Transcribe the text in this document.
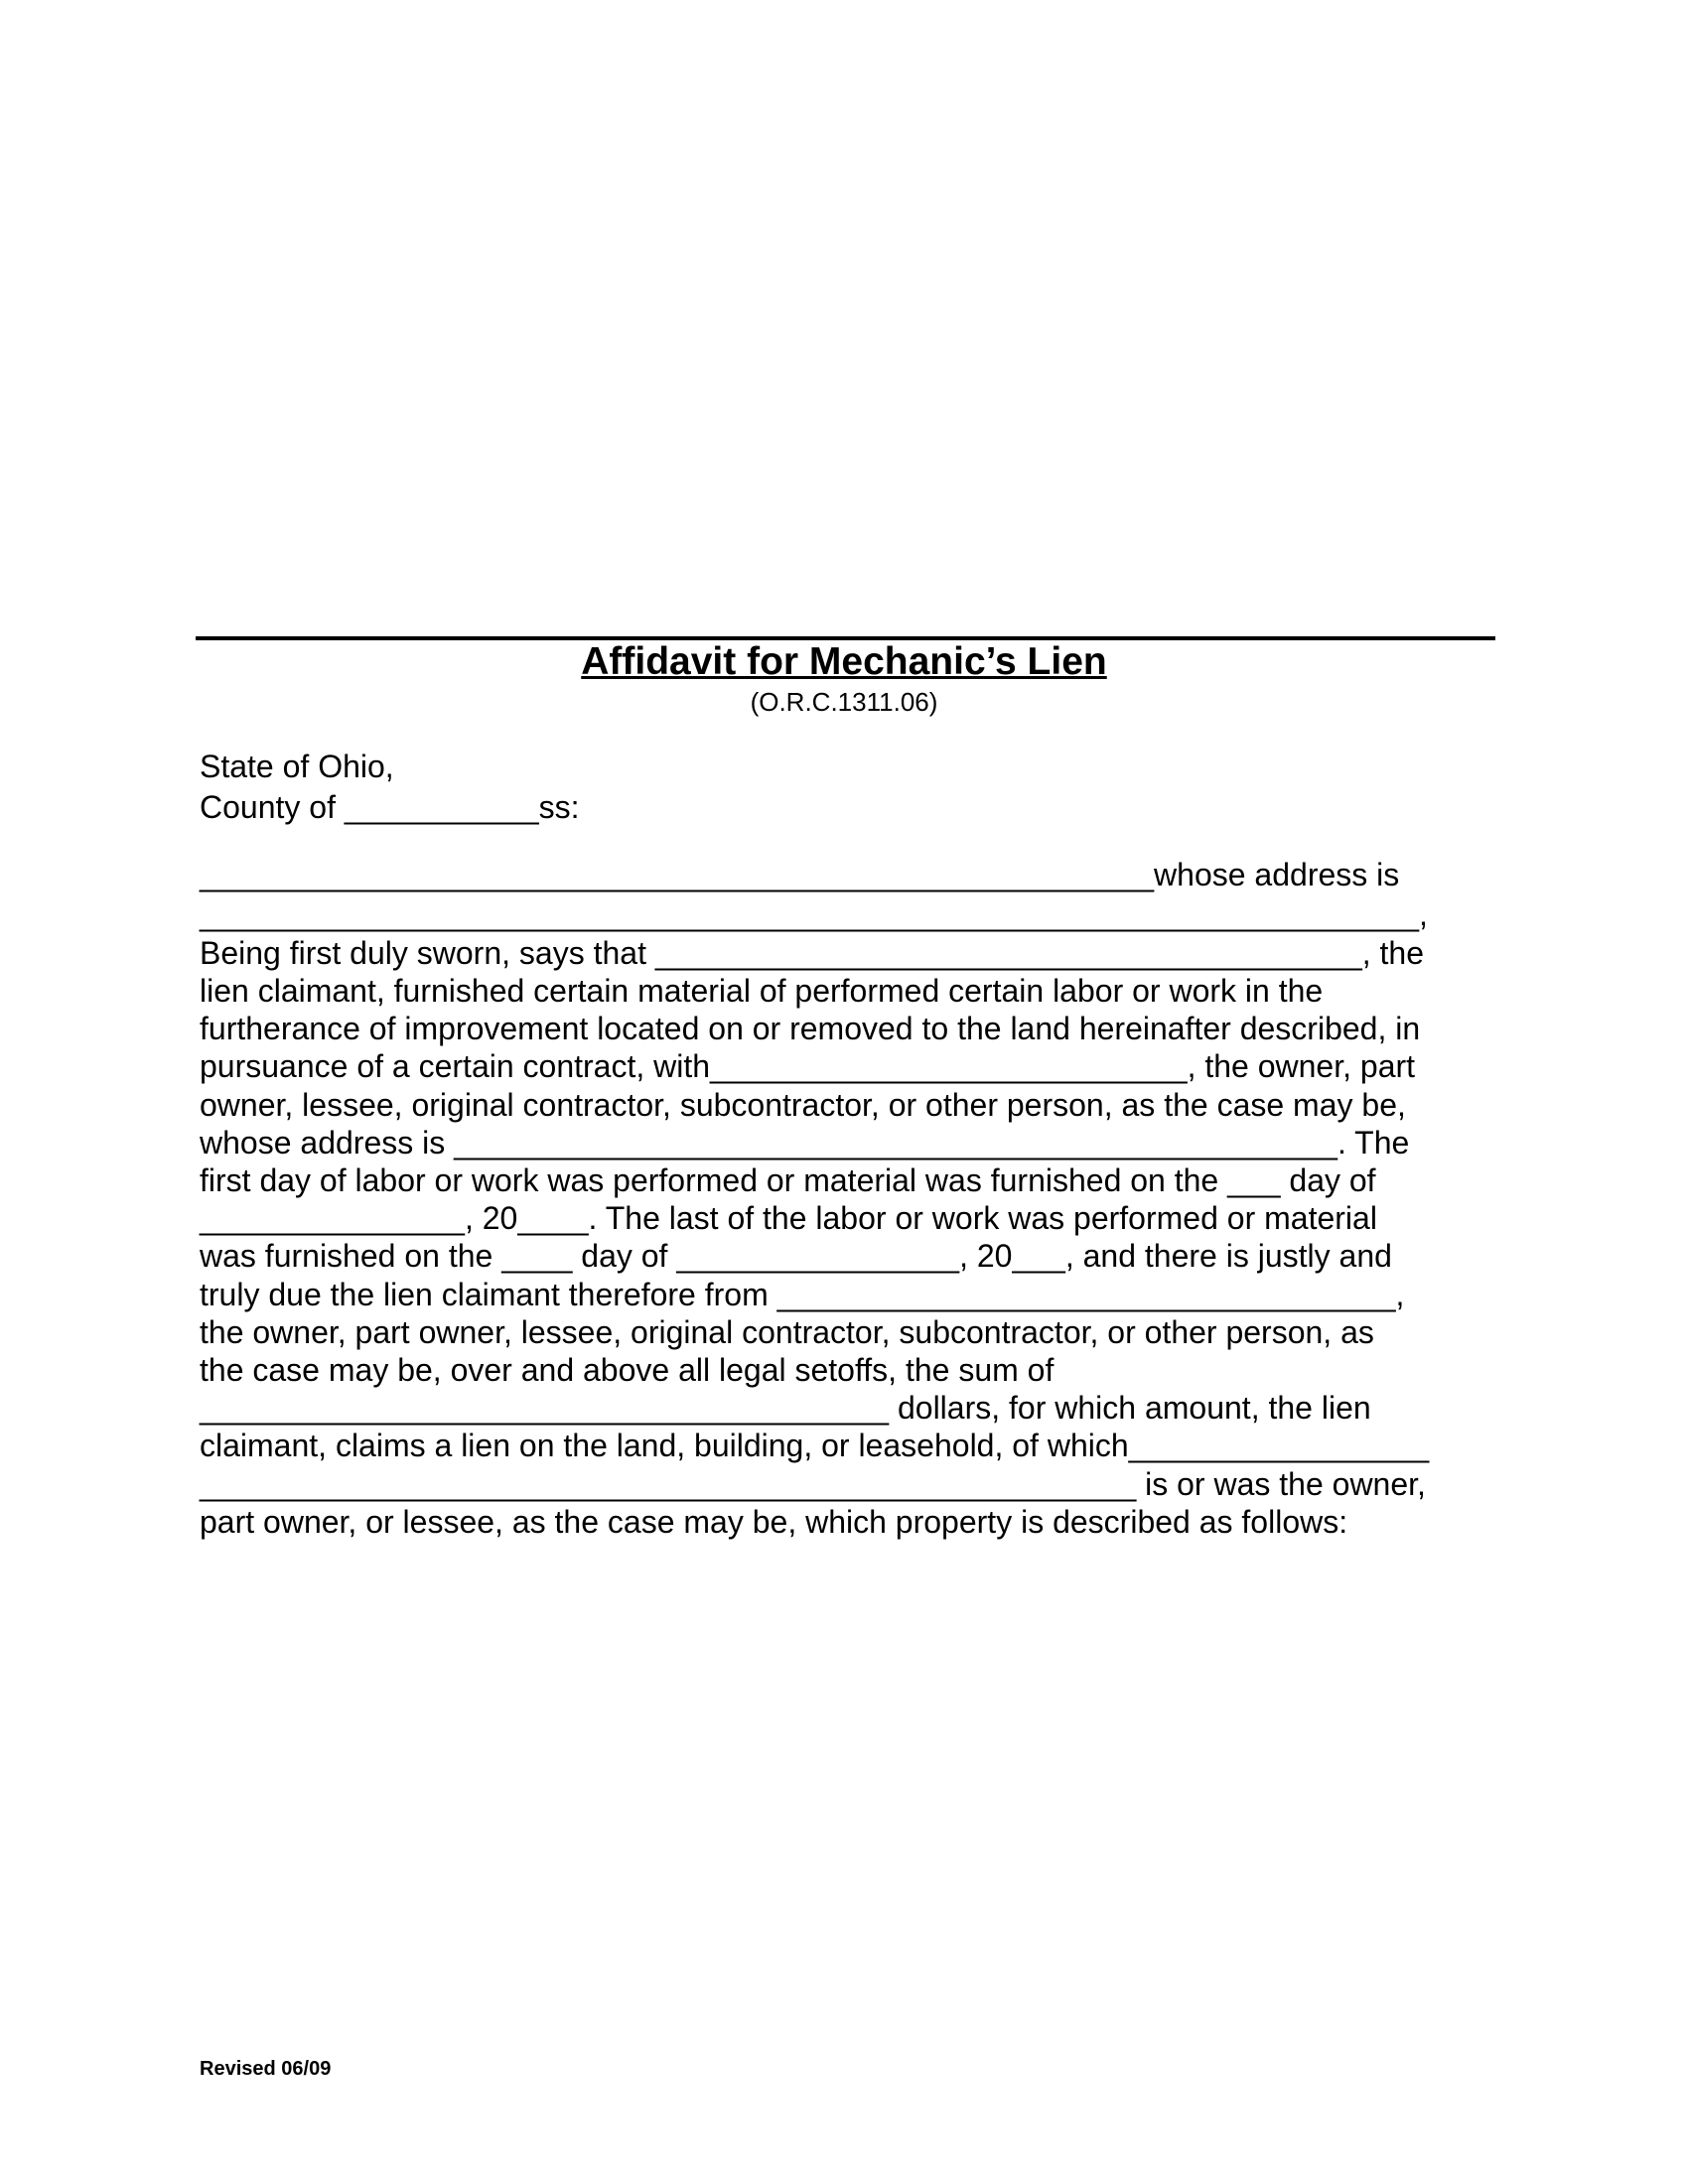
Affidavit for Mechanic’s Lien
(O.R.C.1311.06)
State of Ohio,
County of ___________ss:
______________________________________________________whose address is
_____________________________________________________________________,
Being first duly sworn, says that ________________________________________, the
lien claimant, furnished certain material of performed certain labor or work in the
furtherance of improvement located on or removed to the land hereinafter described, in
pursuance of a certain contract, with___________________________, the owner, part
owner, lessee, original contractor, subcontractor, or other person, as the case may be,
whose address is __________________________________________________. The
first day of labor or work was performed or material was furnished on the ___ day of
_______________, 20____. The last of the labor or work was performed or material
was furnished on the ____ day of ________________, 20___, and there is justly and
truly due the lien claimant therefore from ___________________________________,
the owner, part owner, lessee, original contractor, subcontractor, or other person, as
the case may be, over and above all legal setoffs, the sum of
_______________________________________ dollars, for which amount, the lien
claimant, claims a lien on the land, building, or leasehold, of which_________________
_____________________________________________________ is or was the owner,
part owner, or lessee, as the case may be, which property is described as follows:
Revised 06/09
